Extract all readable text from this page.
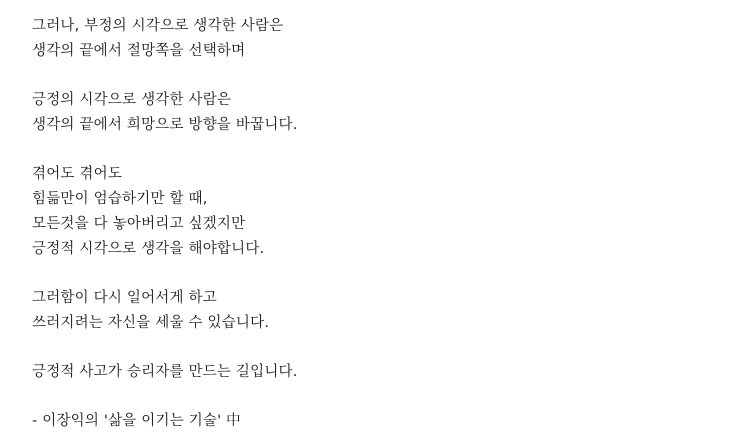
그러나, 부정의 시각으로 생각한 사람은
생각의 끝에서 절망쪽을 선택하며
긍정의 시각으로 생각한 사람은
생각의 끝에서 희망으로 방향을 바꿉니다.
겪어도 겪어도
힘듦만이 엄습하기만 할 때,
모든것을 다 놓아버리고 싶겠지만
긍정적 시각으로 생각을 해야합니다.
그러함이 다시 일어서게 하고
쓰러지려는 자신을 세울 수 있습니다.
긍정적 사고가 승리자를 만드는 길입니다.
- 이장익의 '삶을 이기는 기술' 中
